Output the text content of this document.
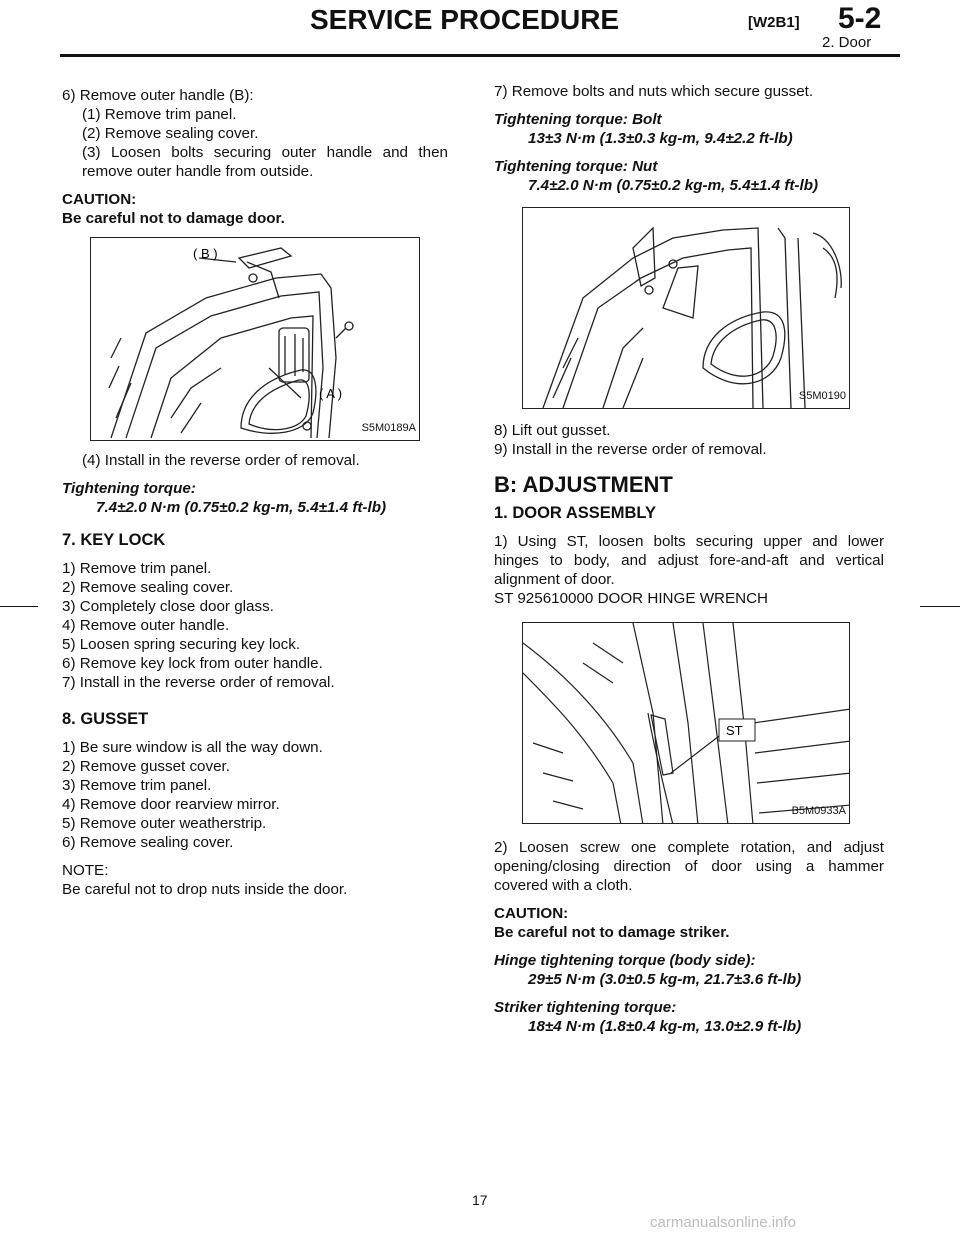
SERVICE PROCEDURE	[W2B1] 5-2
2. Door

6) Remove outer handle (B):

(1) Remove trim panel.

(2) Remove sealing cover.

(3) Loosen bolts securing outer handle and then remove outer handle from outside.

CAUTION:

Be careful not to damage door.

( B )
( A )
S5M0189A

(4) Install in the reverse order of removal.

Tightening torque:

7.4±2.0 N·m (0.75±0.2 kg-m, 5.4±1.4 ft-lb)

7. KEY LOCK

1) Remove trim panel.

2) Remove sealing cover.

3) Completely close door glass.

4) Remove outer handle.

5) Loosen spring securing key lock.

6) Remove key lock from outer handle.

7) Install in the reverse order of removal.

8. GUSSET

1) Be sure window is all the way down.

2) Remove gusset cover.

3) Remove trim panel.

4) Remove door rearview mirror.

5) Remove outer weatherstrip.

6) Remove sealing cover.

NOTE:

Be careful not to drop nuts inside the door.

7) Remove bolts and nuts which secure gusset.

Tightening torque: Bolt

13±3 N·m (1.3±0.3 kg-m, 9.4±2.2 ft-lb)

Tightening torque: Nut

7.4±2.0 N·m (0.75±0.2 kg-m, 5.4±1.4 ft-lb)

S5M0190

8) Lift out gusset.

9) Install in the reverse order of removal.

B: ADJUSTMENT
1. DOOR ASSEMBLY

1) Using ST, loosen bolts securing upper and lower hinges to body, and adjust fore-and-aft and vertical alignment of door.

ST 925610000 DOOR HINGE WRENCH

ST
B5M0933A

2) Loosen screw one complete rotation, and adjust opening/closing direction of door using a hammer covered with a cloth.

CAUTION:

Be careful not to damage striker.

Hinge tightening torque (body side):

29±5 N·m (3.0±0.5 kg-m, 21.7±3.6 ft-lb)

Striker tightening torque:

18±4 N·m (1.8±0.4 kg-m, 13.0±2.9 ft-lb)

17
carmanualsonline.info
